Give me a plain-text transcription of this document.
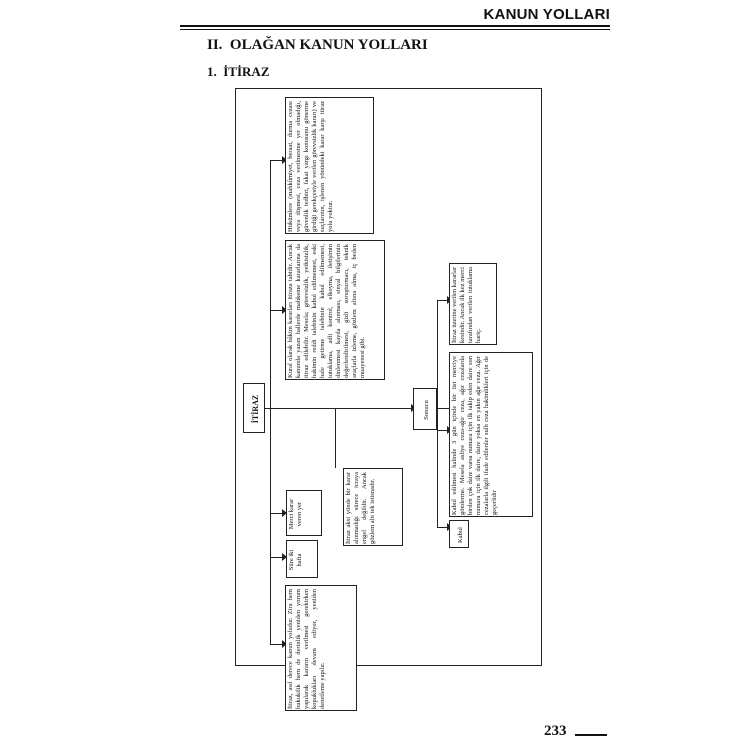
KANUN YOLLARI
II.  OLAĞAN KANUN YOLLARI
1.  İTİRAZ
İTİRAZ
Hükümlere (mahkûmiyet, beraat, durma cezası veya düşmesi, ceza verilmesine yer olmadığı, güvenlik tedbiri, fakat yargı konusunu gönerme girdiği gerekçesiyle verilen görevsizlik kararı) ve suçlarının, işlenen yönündeki karar karşı itiraz yolu yoktur.
Kural olarak hâkim kararları itiraza tabidir. Ancak kanunda yazan hallerde mahkeme kararlarına da itiraz edilebilir. Mesela; görevsizlik, yetkisizlik, hakimin reddi talebinin kabul edilmemesi, eski hale getirme talebinin kabul edilmemesi, tutuklama, adli kontrol, elkoyma, iletişimin dinlenmesi kayda alınması, sinyal bilgilerinin değerlendirilmesi, gizli soruşturmacı, teknik araçlarla izleme, gözlem altına alma, iç beden muayenesi gibi.
İtiraz üzerine verilen kararlar kesindir. Ancak ilk kez merci tarafından verilen tutuklama hariç.
Sonucu	Kabul edilmesi halinde 3 gün içinde bir üst merciye gönderme. Mesela asliye ceza-ağır ceza, ağır cezalarda birden çok daire varsa numara için ilk takip eden daire son numara için ilk daire, daire yoksa en yakın ağır ceza. Ağır cezalarla ilgili ifade edilenler sulh ceza hakimlikleri için de geçerlidir
Kabul
İtiraz aksi yönde bir karar alınmadığı sürece icraya engel değildir. Ancak gözlem altı tek istisnadır.
Merci karar veren yer
Süre iki hafta
İtiraz, asıl derece kanun yoludur. Zira hem hukukilik hem de derinlik yeniden yorum yapılarak kararın verilmesi gerekirken kopuklukları devam ediyor, yeniden denetleme yapılır.
233
